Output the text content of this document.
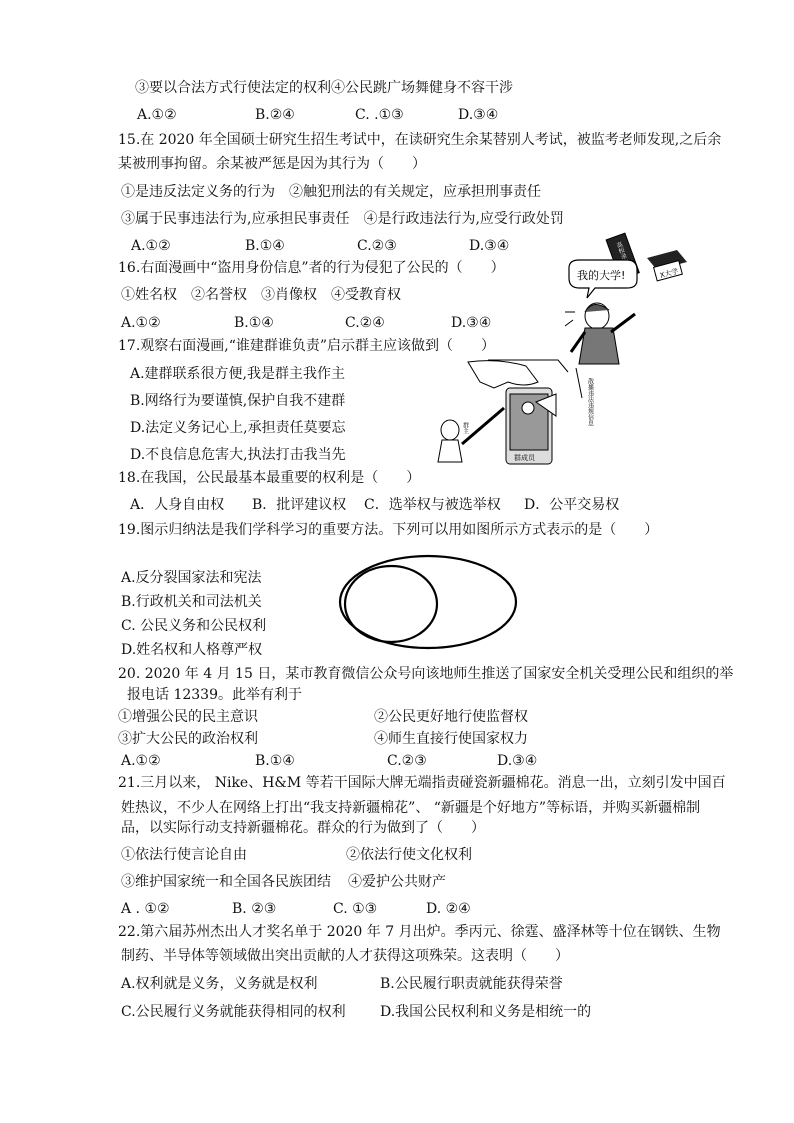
③要以合法方式行使法定的权利④公民跳广场舞健身不容干涉
A.①②	B.②④	C. .①③	D.③④
15.在 2020 年全国硕士研究生招生考试中，在读研究生余某替别人考试，被监考老师发现,之后余
某被刑事拘留。余某被严惩是因为其行为（　　）
①是违反法定义务的行为　②触犯刑法的有关规定，应承担刑事责任
③属于民事违法行为,应承担民事责任　④是行政违法行为,应受行政处罚
A.①②	B.①④	C.②③	D.③④
16.右面漫画中“盗用身份信息”者的行为侵犯了公民的（　　）
①姓名权　②名誉权　③肖像权　④受教育权
A.①②	B.①④	C.②④	D.③④
X大学
我的大学!
17.观察右面漫画,“谁建群谁负责”启示群主应该做到（　　）
A.建群联系很方便,我是群主我作主
B.网络行为要谨慎,保护自我不建群
D.法定义务记心上,承担责任莫要忘
D.不良信息危害大,执法打击我当先	群成员
群主
散播违法违规信息
18.在我国，公民最基本最重要的权利是（　　）
A．人身自由权 B．批评建议权 C．选举权与被选举权 D．公平交易权
19.图示归纳法是我们学科学习的重要方法。下列可以用如图所示方式表示的是（　　）
A.反分裂国家法和宪法
B.行政机关和司法机关
C. 公民义务和公民权利
D.姓名权和人格尊严权
20. 2020 年 4 月 15 日，某市教育微信公众号向该地师生推送了国家安全机关受理公民和组织的举
报电话 12339。此举有利于
①增强公民的民主意识	②公民更好地行使监督权
③扩大公民的政治权利	④师生直接行使国家权力
A.①②	B.①④	C.②③	D.③④
21.三月以来， Nike、H&M 等若干国际大牌无端指责碰瓷新疆棉花。消息一出，立刻引发中国百
姓热议，不少人在网络上打出“我支持新疆棉花”、 “新疆是个好地方”等标语，并购买新疆棉制
品，以实际行动支持新疆棉花。群众的行为做到了（　　）
①依法行使言论自由	②依法行使文化权利
③维护国家统一和全国各民族团结 ④爱护公共财产
A . ①②	B. ②③	C. ①③	D. ②④
22.第六届苏州杰出人才奖名单于 2020 年 7 月出炉。季丙元、徐霆、盛泽林等十位在钢铁、生物
制药、半导体等领域做出突出贡献的人才获得这项殊荣。这表明（　　）
A.权利就是义务，义务就是权利	B.公民履行职责就能获得荣誉
C.公民履行义务就能获得相同的权利 D.我国公民权利和义务是相统一的
